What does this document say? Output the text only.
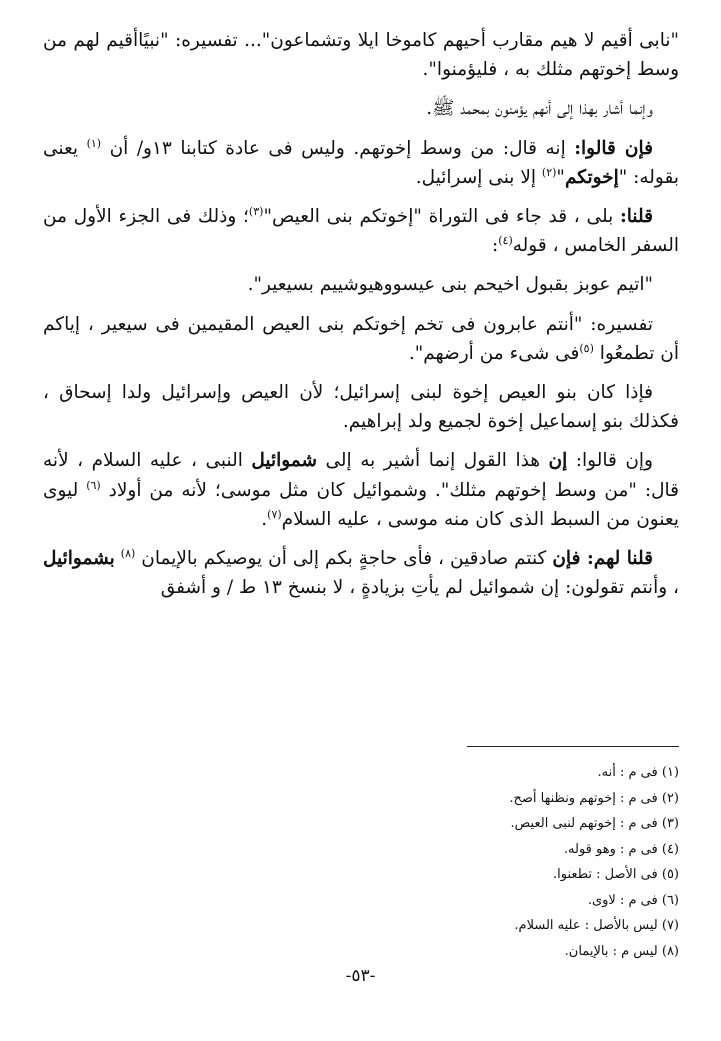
"نابى أقيم لا هيم مقارب أحيهم كاموخا ايلا وتشماعون"... تفسيره: "نبيًاأقيم لهم من وسط إخوتهم مثلك به ، فليؤمنوا".

وإنما أشار بهذا إلى أنهم يؤمنون بمحمد ﷺ.

فإن قالوا: إنه قال: من وسط إخوتهم. وليس فى عادة كتابنا ١٣و/ أن $^{(١)}$ يعنى بقوله: "إخوتكم"$^{(٢)}$ إلا بنى إسرائيل.

قلنا: بلى ، قد جاء فى التوراة "إخوتكم بنى العيص"$^{(٣)}$؛ وذلك فى الجزء الأول من السفر الخامس ، قوله$^{(٤)}$:

"اتيم عوبز بقبول اخيحم بنى عيسووهيوشييم بسيعير".

تفسيره: "أنتم عابرون فى تخم إخوتكم بنى العيص المقيمين فى سيعير ، إياكم أن تطمعُوا $^{(٥)}$فى شىء من أرضهم".

فإذا كان بنو العيص إخوة لبنى إسرائيل؛ لأن العيص وإسرائيل ولدا إسحاق ، فكذلك بنو إسماعيل إخوة لجميع ولد إبراهيم.

وإن قالوا: إن هذا القول إنما أشير به إلى شموائيل النبى ، عليه السلام ، لأنه قال: "من وسط إخوتهم مثلك". وشموائيل كان مثل موسى؛ لأنه من أولاد $^{(٦)}$ ليوى يعنون من السبط الذى كان منه موسى ، عليه السلام$^{(٧)}$.

قلنا لهم: فإن كنتم صادقين ، فأى حاجةٍ بكم إلى أن يوصيكم بالإيمان $^{(٨)}$ بشموائيل ، وأنتم تقولون: إن شموائيل لم يأتِ بزيادةٍ ، لا بنسخ ١٣ ط / و أشفق

(١) فى م : أنه.
(٢) فى م : إخوتهم ونظنها أصح.
(٣) فى م : إخوتهم لنبى العيص.
(٤) فى م : وهو قوله.
(٥) فى الأصل : تطعنوا.
(٦) فى م : لاوى.
(٧) ليس بالأصل : عليه السلام.
(٨) ليس م : بالإيمان.
-٥٣-
